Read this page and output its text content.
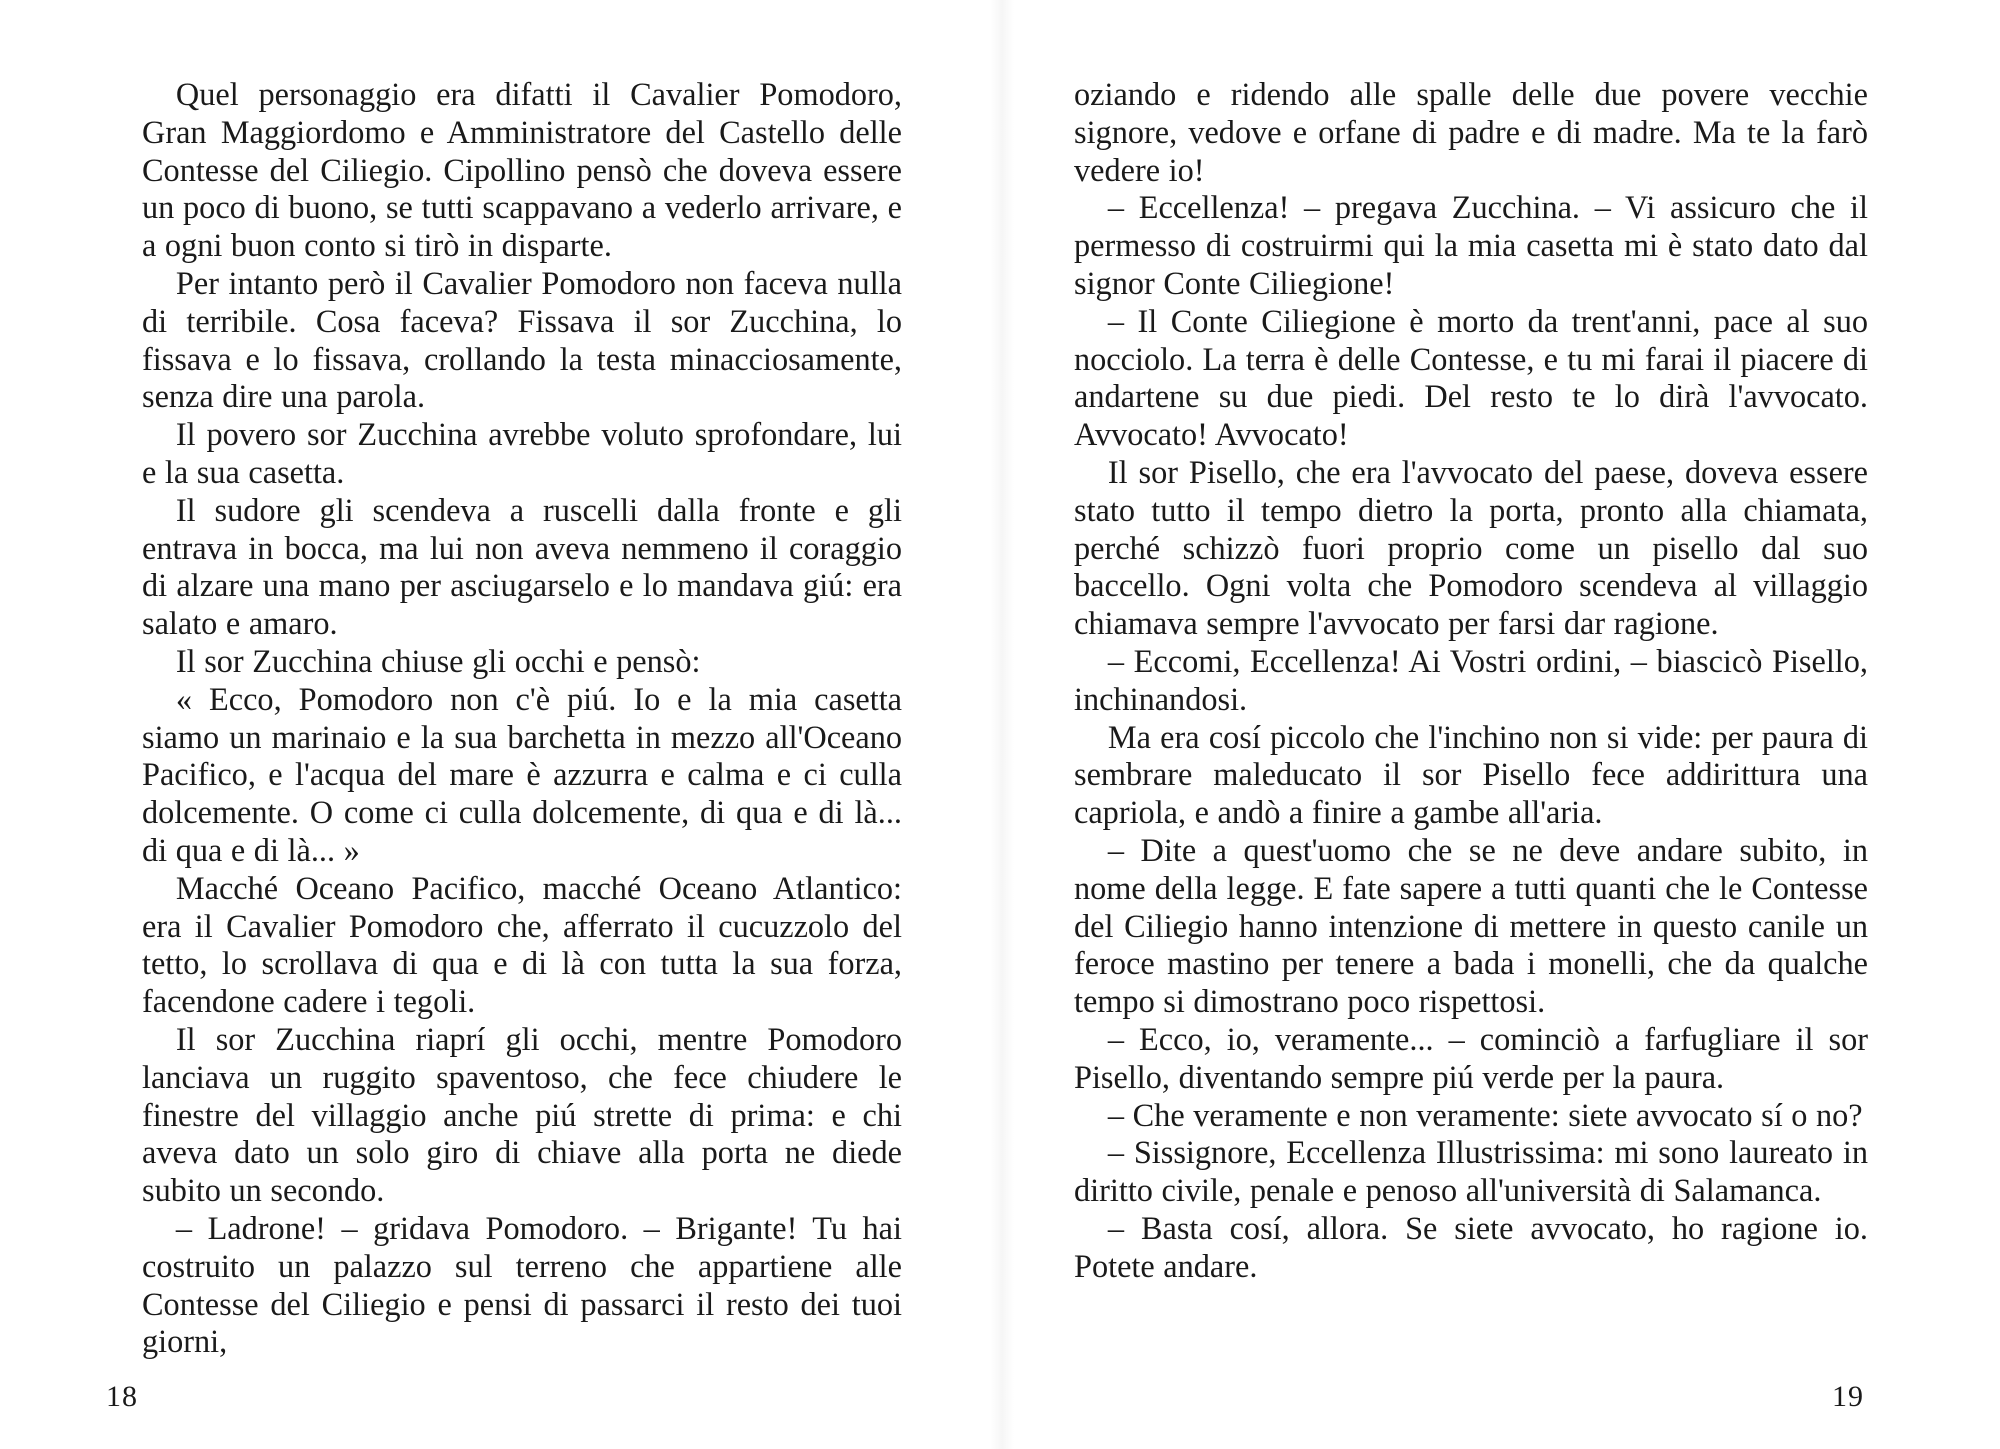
Quel personaggio era difatti il Cavalier Pomodoro, Gran Maggiordomo e Amministratore del Castello delle Contesse del Ciliegio. Cipollino pensò che doveva essere un poco di buono, se tutti scappavano a vederlo arrivare, e a ogni buon conto si tirò in disparte.

Per intanto però il Cavalier Pomodoro non faceva nulla di terribile. Cosa faceva? Fissava il sor Zucchina, lo fissava e lo fissava, crollando la testa minacciosamente, senza dire una parola.

Il povero sor Zucchina avrebbe voluto sprofondare, lui e la sua casetta.

Il sudore gli scendeva a ruscelli dalla fronte e gli entrava in bocca, ma lui non aveva nemmeno il coraggio di alzare una mano per asciugarselo e lo mandava giú: era salato e amaro.

Il sor Zucchina chiuse gli occhi e pensò:

« Ecco, Pomodoro non c'è piú. Io e la mia casetta siamo un marinaio e la sua barchetta in mezzo all'Oceano Pacifico, e l'acqua del mare è azzurra e calma e ci culla dolcemente. O come ci culla dolcemente, di qua e di là... di qua e di là... »

Macché Oceano Pacifico, macché Oceano Atlantico: era il Cavalier Pomodoro che, afferrato il cucuzzolo del tetto, lo scrollava di qua e di là con tutta la sua forza, facendone cadere i tegoli.

Il sor Zucchina riaprí gli occhi, mentre Pomodoro lanciava un ruggito spaventoso, che fece chiudere le finestre del villaggio anche piú strette di prima: e chi aveva dato un solo giro di chiave alla porta ne diede subito un secondo.

– Ladrone! – gridava Pomodoro. – Brigante! Tu hai costruito un palazzo sul terreno che appartiene alle Contesse del Ciliegio e pensi di passarci il resto dei tuoi giorni,

oziando e ridendo alle spalle delle due povere vecchie signore, vedove e orfane di padre e di madre. Ma te la farò vedere io!

– Eccellenza! – pregava Zucchina. – Vi assicuro che il permesso di costruirmi qui la mia casetta mi è stato dato dal signor Conte Ciliegione!

– Il Conte Ciliegione è morto da trent'anni, pace al suo nocciolo. La terra è delle Contesse, e tu mi farai il piacere di andartene su due piedi. Del resto te lo dirà l'avvocato. Avvocato! Avvocato!

Il sor Pisello, che era l'avvocato del paese, doveva essere stato tutto il tempo dietro la porta, pronto alla chiamata, perché schizzò fuori proprio come un pisello dal suo baccello. Ogni volta che Pomodoro scendeva al villaggio chiamava sempre l'avvocato per farsi dar ragione.

– Eccomi, Eccellenza! Ai Vostri ordini, – biascicò Pisello, inchinandosi.

Ma era cosí piccolo che l'inchino non si vide: per paura di sembrare maleducato il sor Pisello fece addirittura una capriola, e andò a finire a gambe all'aria.

– Dite a quest'uomo che se ne deve andare subito, in nome della legge. E fate sapere a tutti quanti che le Contesse del Ciliegio hanno intenzione di mettere in questo canile un feroce mastino per tenere a bada i monelli, che da qualche tempo si dimostrano poco rispettosi.

– Ecco, io, veramente... – cominciò a farfugliare il sor Pisello, diventando sempre piú verde per la paura.

– Che veramente e non veramente: siete avvocato sí o no?

– Sissignore, Eccellenza Illustrissima: mi sono laureato in diritto civile, penale e penoso all'università di Salamanca.

– Basta cosí, allora. Se siete avvocato, ho ragione io. Potete andare.

18	19
